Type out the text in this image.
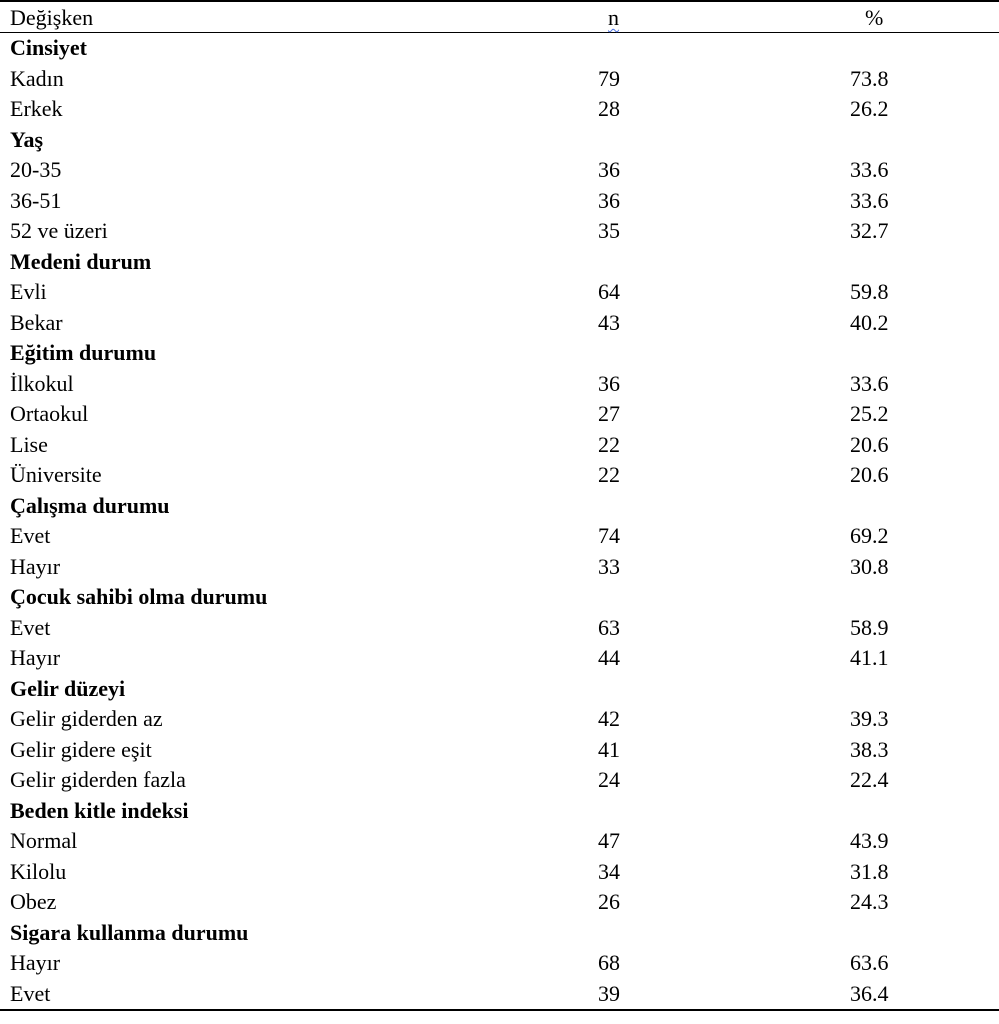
Değişken	n	%
Cinsiyet		
Kadın	79	73.8
Erkek	28	26.2
Yaş		
20-35	36	33.6
36-51	36	33.6
52 ve üzeri	35	32.7
Medeni durum		
Evli	64	59.8
Bekar	43	40.2
Eğitim durumu		
İlkokul	36	33.6
Ortaokul	27	25.2
Lise	22	20.6
Üniversite	22	20.6
Çalışma durumu		
Evet	74	69.2
Hayır	33	30.8
Çocuk sahibi olma durumu		
Evet	63	58.9
Hayır	44	41.1
Gelir düzeyi		
Gelir giderden az	42	39.3
Gelir gidere eşit	41	38.3
Gelir giderden fazla	24	22.4
Beden kitle indeksi		
Normal	47	43.9
Kilolu	34	31.8
Obez	26	24.3
Sigara kullanma durumu		
Hayır	68	63.6
Evet	39	36.4
